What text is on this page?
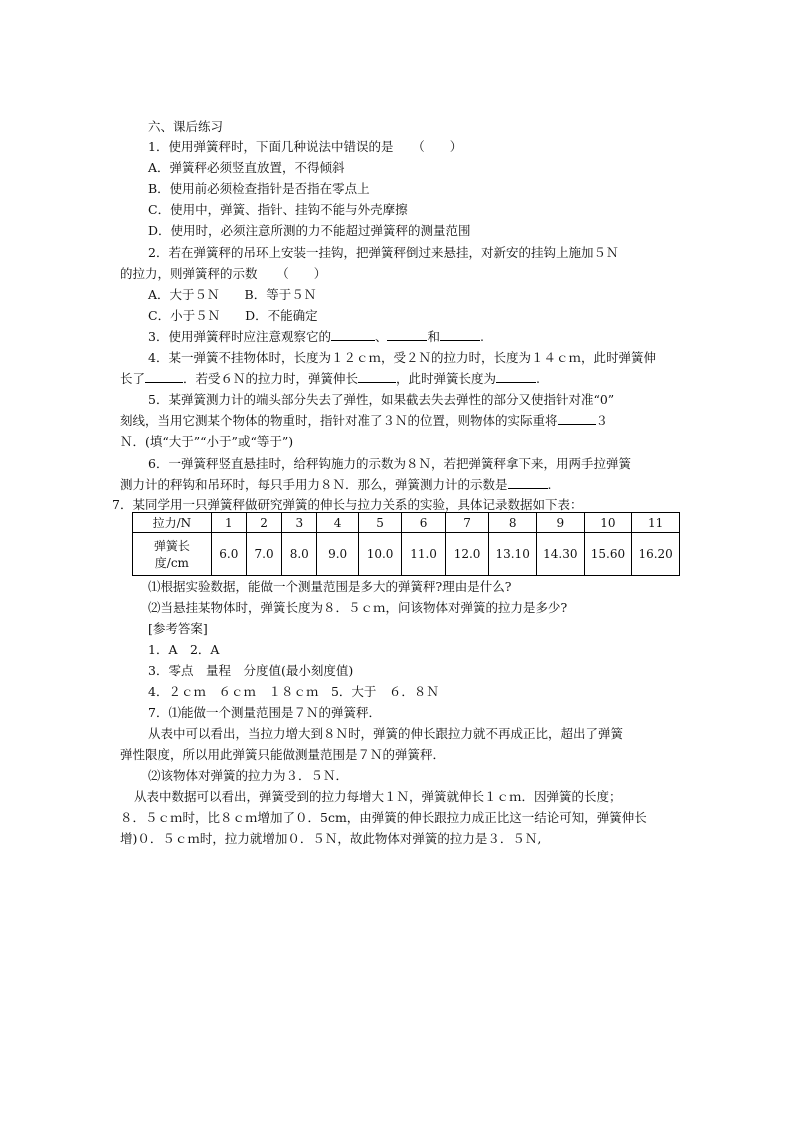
六、课后练习
1．使用弹簧秤时，下面几种说法中错误的是　　（　　）
A．弹簧秤必须竖直放置，不得倾斜
B．使用前必须检查指针是否指在零点上
C．使用中，弹簧、指针、挂钩不能与外壳摩擦
D．使用时，必须注意所测的力不能超过弹簧秤的测量范围
2．若在弹簧秤的吊环上安装一挂钩，把弹簧秤倒过来悬挂，对新安的挂钩上施加５Ｎ
的拉力，则弹簧秤的示数　　（　　）
A．大于５Ｎ　　B．等于５Ｎ
C．小于５Ｎ　　D．不能确定
3．使用弹簧秤时应注意观察它的	、	和	.
4．某一弹簧不挂物体时，长度为１２ｃｍ，受２Ｎ的拉力时，长度为１４ｃｍ，此时弹簧伸
长了	．若受６Ｎ的拉力时，弹簧伸长	，此时弹簧长度为	.
5．某弹簧测力计的端头部分失去了弹性，如果截去失去弹性的部分又使指针对准“0”
刻线，当用它测某个物体的物重时，指针对准了３Ｎ的位置，则物体的实际重将	３
Ｎ．(填“大于”“小于”或“等于”)
6．一弹簧秤竖直悬挂时，给秤钩施力的示数为８Ｎ，若把弹簧秤拿下来，用两手拉弹簧
测力计的秤钩和吊环时，每只手用力８Ｎ．那么，弹簧测力计的示数是	.
7．某同学用一只弹簧秤做研究弹簧的伸长与拉力关系的实验，具体记录数据如下表：
拉力/N	1	2	3	4	5	6	7	8	9	10	11
弹簧长
度/cm	6.0	7.0	8.0	9.0	10.0	11.0	12.0	13.10	14.30	15.60	16.20
⑴根据实验数据，能做一个测量范围是多大的弹簧秤?理由是什么?
⑵当悬挂某物体时，弹簧长度为８．５ｃｍ，问该物体对弹簧的拉力是多少?
[参考答案]
1．A　2．A
3．零点　量程　分度值(最小刻度值)
4．２ｃｍ　６ｃｍ　１８ｃｍ　5．大于　６．８Ｎ
7．⑴能做一个测量范围是７Ｎ的弹簧秤．
从表中可以看出，当拉力增大到８Ｎ时，弹簧的伸长跟拉力就不再成正比，超出了弹簧
弹性限度，所以用此弹簧只能做测量范围是７Ｎ的弹簧秤．
⑵该物体对弹簧的拉力为３．５Ｎ．
从表中数据可以看出，弹簧受到的拉力每增大１Ｎ，弹簧就伸长１ｃｍ．因弹簧的长度；
８．５ｃｍ时，比８ｃｍ增加了０．5cm，由弹簧的伸长跟拉力成正比这一结论可知，弹簧伸长
增)０．５ｃｍ时，拉力就增加０．５Ｎ，故此物体对弹簧的拉力是３．５Ｎ,
